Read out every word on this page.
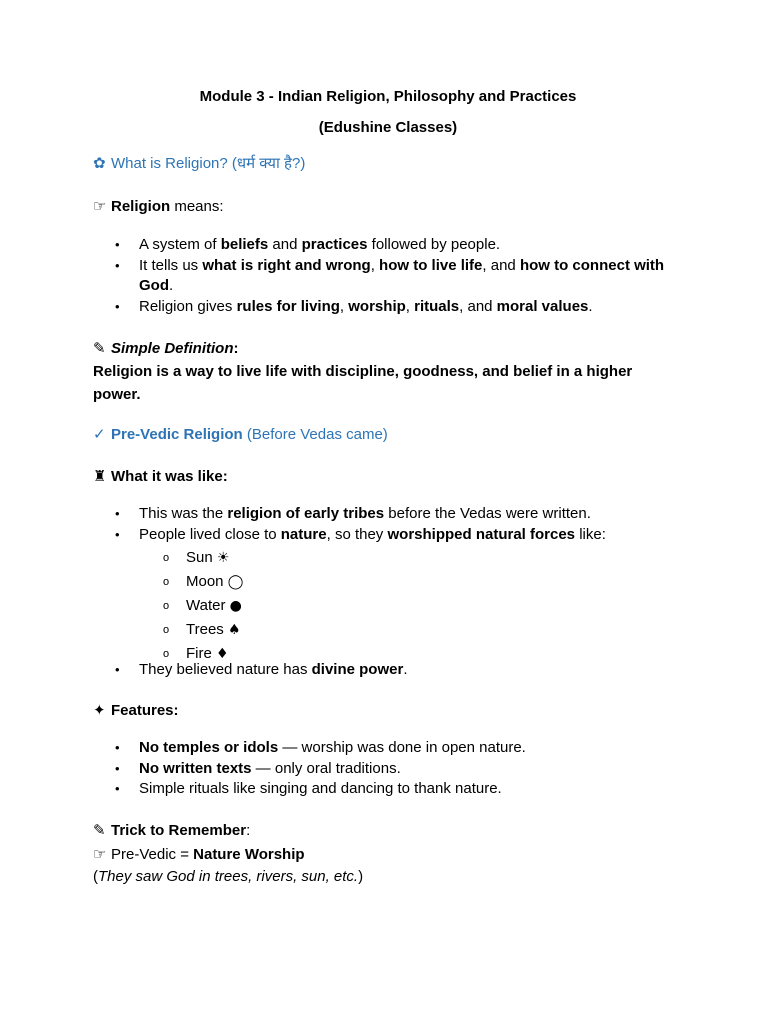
Module 3 - Indian Religion, Philosophy and Practices
(Edushine Classes)
✿ What is Religion? (धर्म क्या है?)
☞ Religion means:
• A system of beliefs and practices followed by people.
• It tells us what is right and wrong, how to live life, and how to connect with God.
• Religion gives rules for living, worship, rituals, and moral values.
✎ Simple Definition:
Religion is a way to live life with discipline, goodness, and belief in a higher power.
✓ Pre-Vedic Religion (Before Vedas came)
♜ What it was like:
• This was the religion of early tribes before the Vedas were written.
• People lived close to nature, so they worshipped natural forces like:
o Sun ☀
o Moon ◯
o Water ●
o Trees ♠
o Fire ♦
• They believed nature has divine power.
✦ Features:
• No temples or idols — worship was done in open nature.
• No written texts — only oral traditions.
• Simple rituals like singing and dancing to thank nature.
✎ Trick to Remember:
☞ Pre-Vedic = Nature Worship
(They saw God in trees, rivers, sun, etc.)
